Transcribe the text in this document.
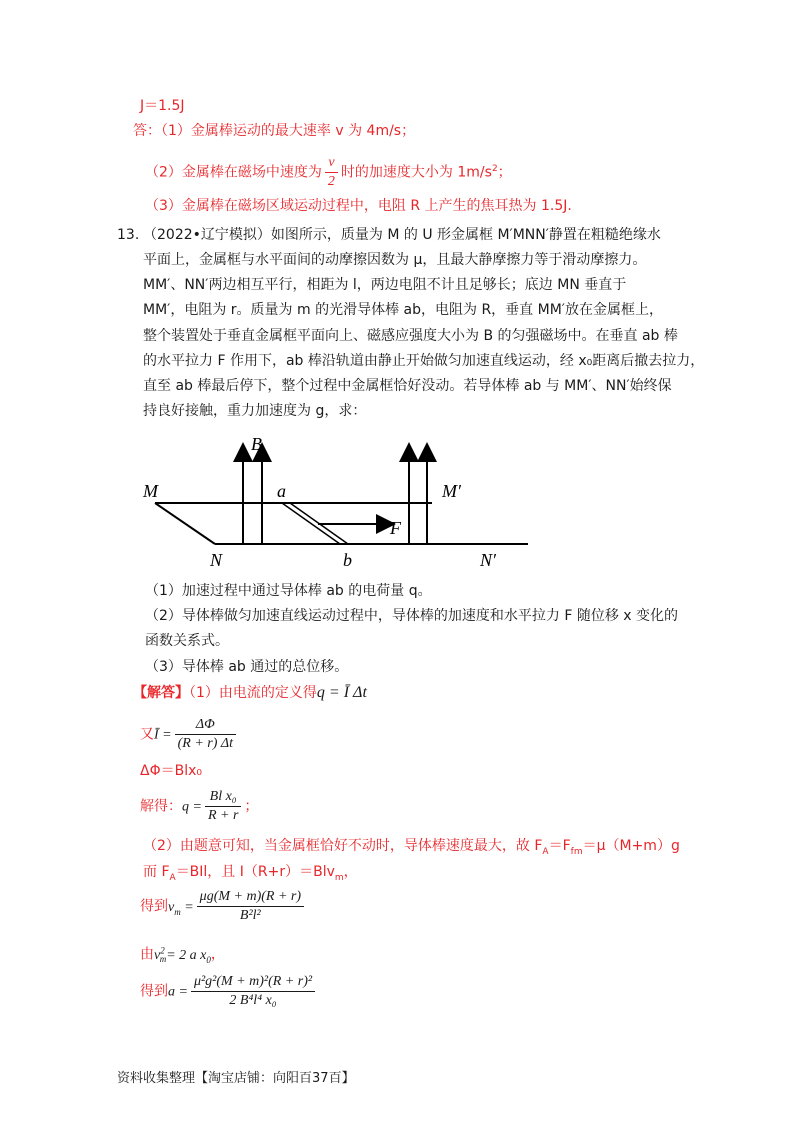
J＝1.5J
答：（1）金属棒运动的最大速率 v 为 4m/s；
（2）金属棒在磁场中速度为 $\frac{v}{2}$ 时的加速度大小为 $1m/s^2$；
（3）金属棒在磁场区域运动过程中，电阻 R 上产生的焦耳热为 1.5J.
13. （2022•辽宁模拟）如图所示，质量为 M 的 U 形金属框 M′MNN′静置在粗糙绝缘水
平面上，金属框与水平面间的动摩擦因数为 μ，且最大静摩擦力等于滑动摩擦力。
MM′、NN′两边相互平行，相距为 l，两边电阻不计且足够长；底边 MN 垂直于
MM′，电阻为 r。质量为 m 的光滑导体棒 ab，电阻为 R，垂直 MM′放在金属框上，
整个装置处于垂直金属框平面向上、磁感应强度大小为 B 的匀强磁场中。在垂直 ab 棒
的水平拉力 F 作用下，ab 棒沿轨道由静止开始做匀加速直线运动，经 x₀距离后撤去拉力，
直至 ab 棒最后停下，整个过程中金属框恰好没动。若导体棒 ab 与 MM′、NN′始终保
持良好接触，重力加速度为 g，求：
B
M	a	M′
F
N	b	N′
（1）加速过程中通过导体棒 ab 的电荷量 q。
（2）导体棒做匀加速直线运动过程中，导体棒的加速度和水平拉力 F 随位移 x 变化的
函数关系式。
（3）导体棒 ab 通过的总位移。
【解答】（1）由电流的定义得q = Ī Δt
又Ī = $\frac{\Delta\Phi}{(R + r) \Delta t}$
ΔΦ＝Blx₀
解得：$q = \frac{\text{Bl x₀}}{R + r}$ ；
（2）由题意可知，当金属框恰好不动时，导体棒速度最大，故 $F_A=F_{fm}=\mu(M+m)g$
而 $F_A=BIl$，且 I（R+r）＝Blv$_m$，
得到$v_m = \frac{\mu g(M + m)(R + r)}{\text{B²l²}}$
由$v^2_m= 2$ a $x_0$，
得到$a = \frac{\text{μ²g²(M + m)²(R + r)²}}{\text{2 B⁴l⁴ x₀}}$
资料收集整理【淘宝店铺：向阳百37百】
